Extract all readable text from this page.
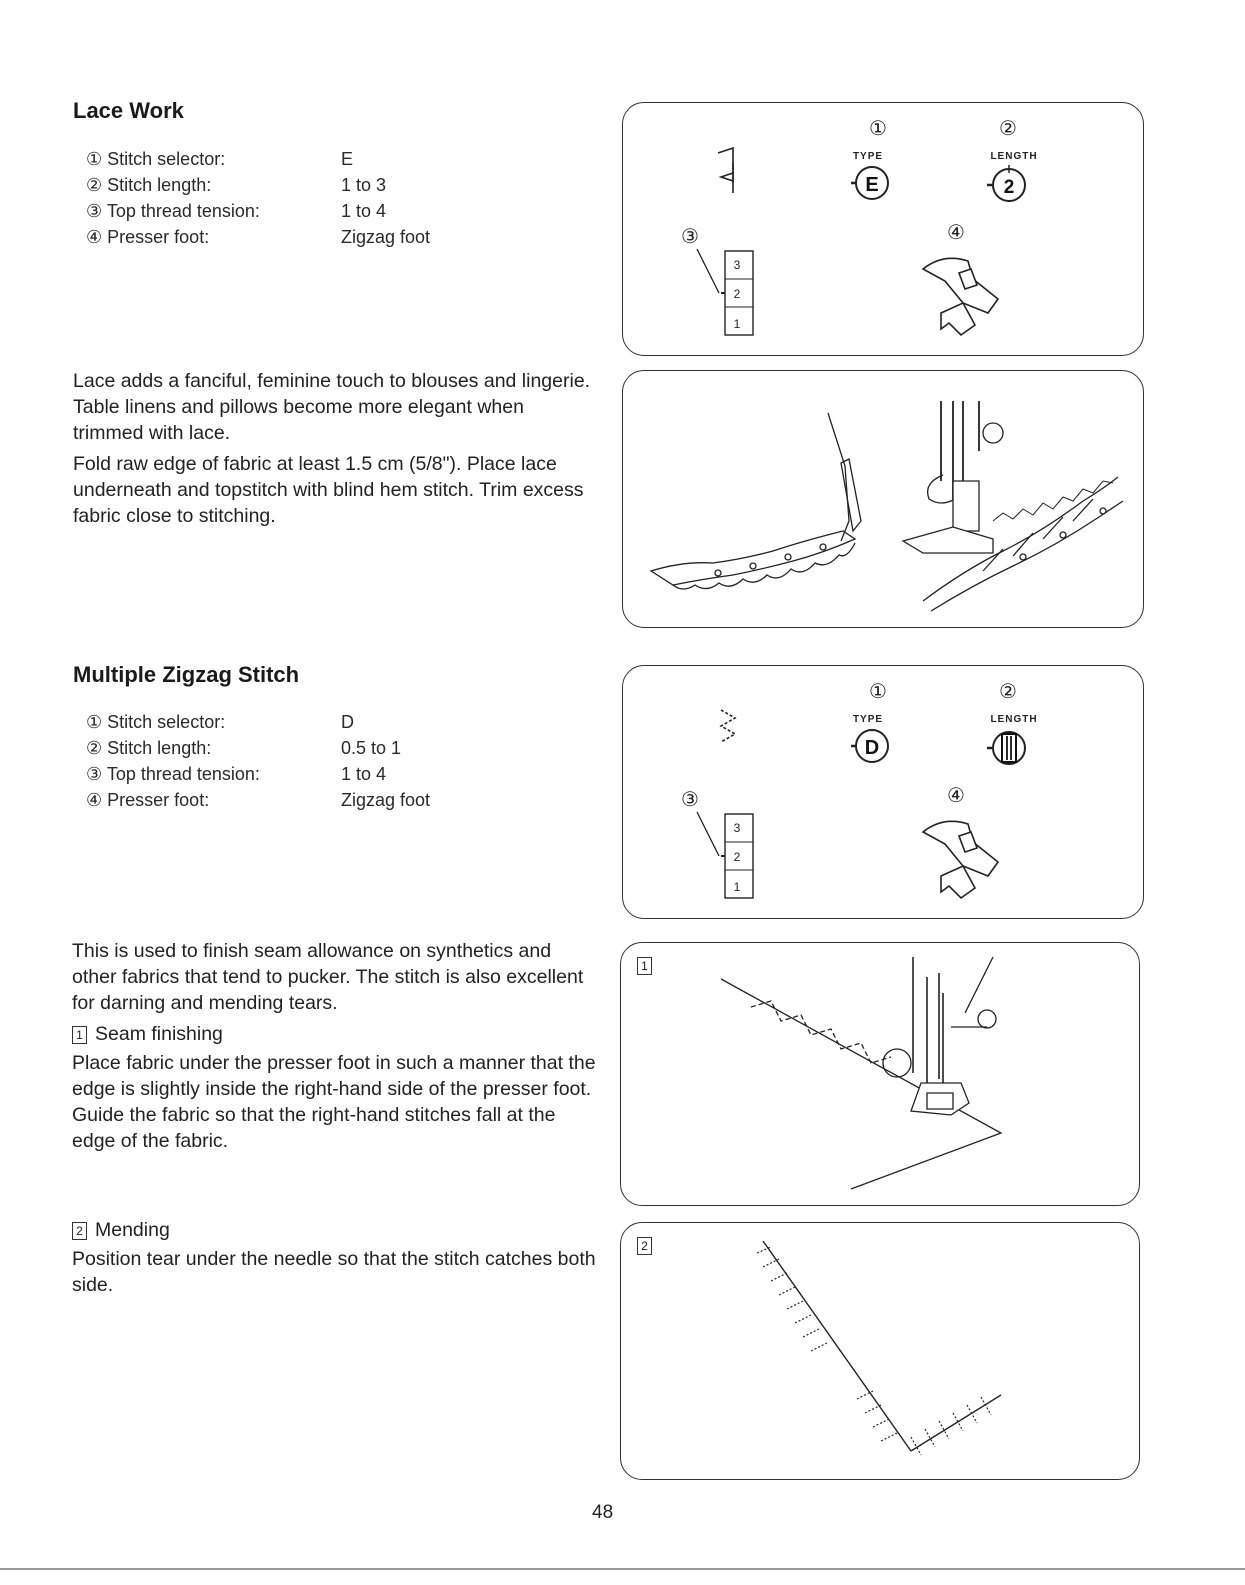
Lace Work
① Stitch selector:	E
② Stitch length:	1 to 3
③ Top thread tension:	1 to 4
④ Presser foot:	Zigzag foot

Lace adds a fanciful, feminine touch to blouses and lingerie. Table linens and pillows become more elegant when trimmed with lace.

Fold raw edge of fabric at least 1.5 cm (5/8"). Place lace underneath and topstitch with blind hem stitch. Trim excess fabric close to stitching.

①	②
TYPE	LENGTH
E	2
③	④
3
2
1
Multiple Zigzag Stitch
① Stitch selector:	D
② Stitch length:	0.5 to 1
③ Top thread tension:	1 to 4
④ Presser foot:	Zigzag foot

This is used to finish seam allowance on synthetics and other fabrics that tend to pucker. The stitch is also excellent for darning and mending tears.

1 Seam finishing

Place fabric under the presser foot in such a manner that the edge is slightly inside the right-hand side of the presser foot. Guide the fabric so that the right-hand stitches fall at the edge of the fabric.

2 Mending

Position tear under the needle so that the stitch catches both side.

①	②
TYPE	LENGTH
D
③	④
3
2
1
1
2
48
